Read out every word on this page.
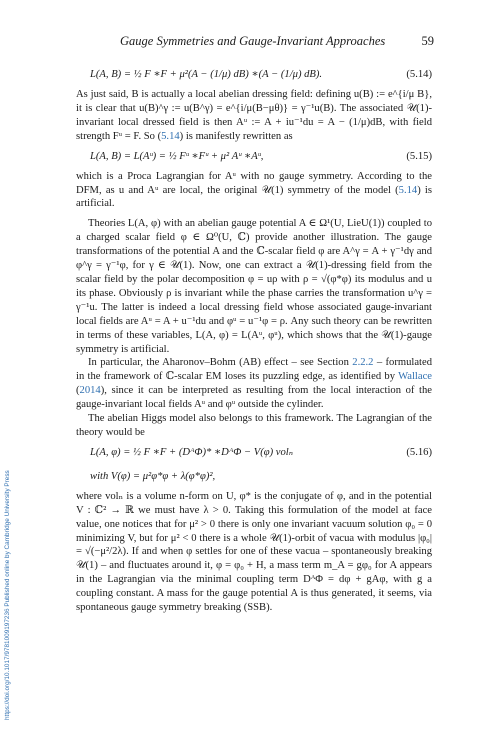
Gauge Symmetries and Gauge-Invariant Approaches	59
https://doi.org/10.1017/9781009197236 Published online by Cambridge University Press
L(A, B) = ½ F ∗F + μ²(A − (1/μ) dB) ∗(A − (1/μ) dB).	(5.14)

As just said, B is actually a local abelian dressing field: defining u(B) := e^{i/μ B}, it is clear that u(B)^γ := u(B^γ) = e^{i/μ(B−μθ)} = γ⁻¹u(B). The associated 𝒰(1)-invariant local dressed field is then Aᵘ := A + iu⁻¹du = A − (1/μ)dB, with field strength Fᵘ = F. So (5.14) is manifestly rewritten as

L(A, B) = L(Aᵘ) = ½ Fᵘ ∗Fᵘ + μ² Aᵘ ∗Aᵘ,	(5.15)

which is a Proca Lagrangian for Aᵘ with no gauge symmetry. According to the DFM, as u and Aᵘ are local, the original 𝒰(1) symmetry of the model (5.14) is artificial.

Theories L(A, φ) with an abelian gauge potential A ∈ Ω¹(U, LieU(1)) coupled to a charged scalar field φ ∈ Ω⁰(U, ℂ) provide another illustration. The gauge transformations of the potential A and the ℂ-scalar field φ are A^γ = A + γ⁻¹dγ and φ^γ = γ⁻¹φ, for γ ∈ 𝒰(1). Now, one can extract a 𝒰(1)-dressing field from the scalar field by the polar decomposition φ = uρ with ρ = √(φ*φ) its modulus and u its phase. Obviously ρ is invariant while the phase carries the transformation u^γ = γ⁻¹u. The latter is indeed a local dressing field whose associated gauge-invariant local fields are Aᵘ = A + u⁻¹du and φᵘ = u⁻¹φ = ρ. Any such theory can be rewritten in terms of these variables, L(A, φ) = L(Aᵘ, φᵘ), which shows that the 𝒰(1)-gauge symmetry is artificial.

In particular, the Aharonov–Bohm (AB) effect – see Section 2.2.2 – formulated in the framework of ℂ-scalar EM loses its puzzling edge, as identified by Wallace (2014), since it can be interpreted as resulting from the local interaction of the gauge-invariant local fields Aᵘ and φᵘ outside the cylinder.

The abelian Higgs model also belongs to this framework. The Lagrangian of the theory would be

L(A, φ) = ½ F ∗F + (DᴬΦ)* ∗DᴬΦ − V(φ) volₙ	(5.16)
with V(φ) = μ²φ*φ + λ(φ*φ)²,

where volₙ is a volume n-form on U, φ* is the conjugate of φ, and in the potential V : ℂ² → ℝ we must have λ > 0. Taking this formulation of the model at face value, one notices that for μ² > 0 there is only one invariant vacuum solution φ₀ = 0 minimizing V, but for μ² < 0 there is a whole 𝒰(1)-orbit of vacua with modulus |φ₀| = √(−μ²/2λ). If and when φ settles for one of these vacua – spontaneously breaking 𝒰(1) – and fluctuates around it, φ = φ₀ + H, a mass term m_A = gφ₀ for A appears in the Lagrangian via the minimal coupling term DᴬΦ = dφ + gAφ, with g a coupling constant. A mass for the gauge potential A is thus generated, it seems, via spontaneous gauge symmetry breaking (SSB).
